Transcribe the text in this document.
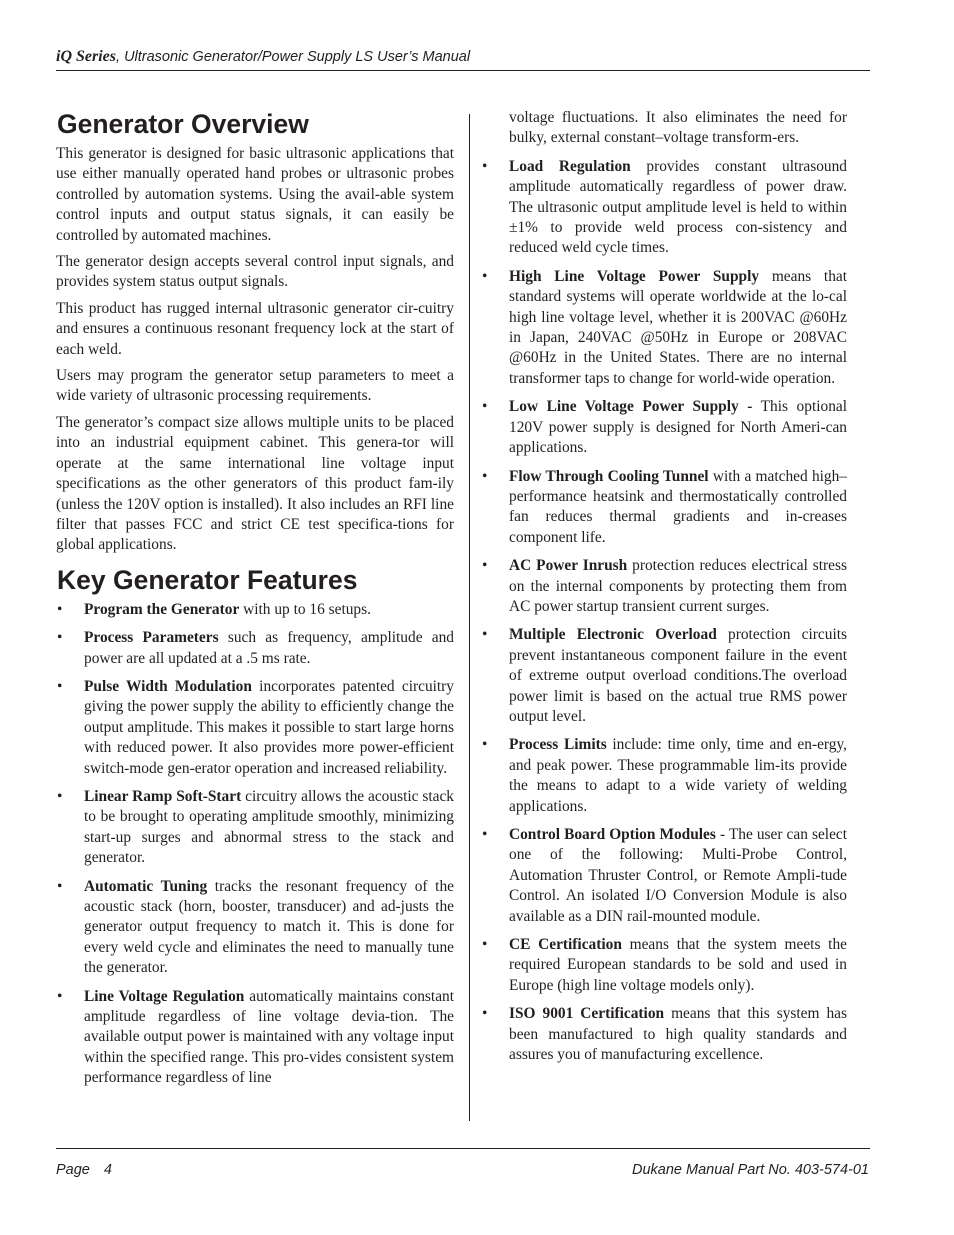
iQ Series, Ultrasonic Generator/Power Supply LS User’s Manual
Generator Overview

This generator is designed for basic ultrasonic applications that use either manually operated hand probes or ultrasonic probes controlled by automation systems. Using the avail-able system control inputs and output status signals, it can easily be controlled by automated machines.

The generator design accepts several control input signals, and provides system status output signals.

This product has rugged internal ultrasonic generator cir-cuitry and ensures a continuous resonant frequency lock at the start of each weld.

Users may program the generator setup parameters to meet a wide variety of ultrasonic processing requirements.

The generator’s compact size allows multiple units to be placed into an industrial equipment cabinet. This genera-tor will operate at the same international line voltage input specifications as the other generators of this product fam-ily (unless the 120V option is installed). It also includes an RFI line filter that passes FCC and strict CE test specifica-tions for global applications.

Key Generator Features
• Program the Generator with up to 16 setups.
• Process Parameters such as frequency, amplitude and power are all updated at a .5 ms rate.
• Pulse Width Modulation incorporates patented circuitry giving the power supply the ability to efficiently change the output amplitude. This makes it possible to start large horns with reduced power. It also provides more power-efficient switch-mode gen-erator operation and increased reliability.
• Linear Ramp Soft-Start circuitry allows the acoustic stack to be brought to operating amplitude smoothly, minimizing start-up surges and abnormal stress to the stack and generator.
• Automatic Tuning tracks the resonant frequency of the acoustic stack (horn, booster, transducer) and ad-justs the generator output frequency to match it. This is done for every weld cycle and eliminates the need to manually tune the generator.
• Line Voltage Regulation automatically maintains constant amplitude regardless of line voltage devia-tion. The available output power is maintained with any voltage input within the specified range. This pro-vides consistent system performance regardless of line

voltage fluctuations. It also eliminates the need for bulky, external constant–voltage transform-ers.

• Load Regulation provides constant ultrasound amplitude automatically regardless of power draw. The ultrasonic output amplitude level is held to within ±1% to provide weld process con-sistency and reduced weld cycle times.
• High Line Voltage Power Supply means that standard systems will operate worldwide at the lo-cal high line voltage level, whether it is 200VAC @60Hz in Japan, 240VAC @50Hz in Europe or 208VAC @60Hz in the United States. There are no internal transformer taps to change for world-wide operation.
• Low Line Voltage Power Supply - This optional 120V power supply is designed for North Ameri-can applications.
• Flow Through Cooling Tunnel with a matched high–performance heatsink and thermostatically controlled fan reduces thermal gradients and in-creases component life.
• AC Power Inrush protection reduces electrical stress on the internal components by protecting them from AC power startup transient current surges.
• Multiple Electronic Overload protection circuits prevent instantaneous component failure in the event of extreme output overload conditions.The overload power limit is based on the actual true RMS power output level.
• Process Limits include: time only, time and en-ergy, and peak power. These programmable lim-its provide the means to adapt to a wide variety of welding applications.
• Control Board Option Modules - The user can select one of the following: Multi-Probe Control, Automation Thruster Control, or Remote Ampli-tude Control. An isolated I/O Conversion Module is also available as a DIN rail-mounted module.
• CE Certification means that the system meets the required European standards to be sold and used in Europe (high line voltage models only).
• ISO 9001 Certification means that this system has been manufactured to high quality standards and assures you of manufacturing excellence.
Page 4	Dukane Manual Part No. 403-574-01
